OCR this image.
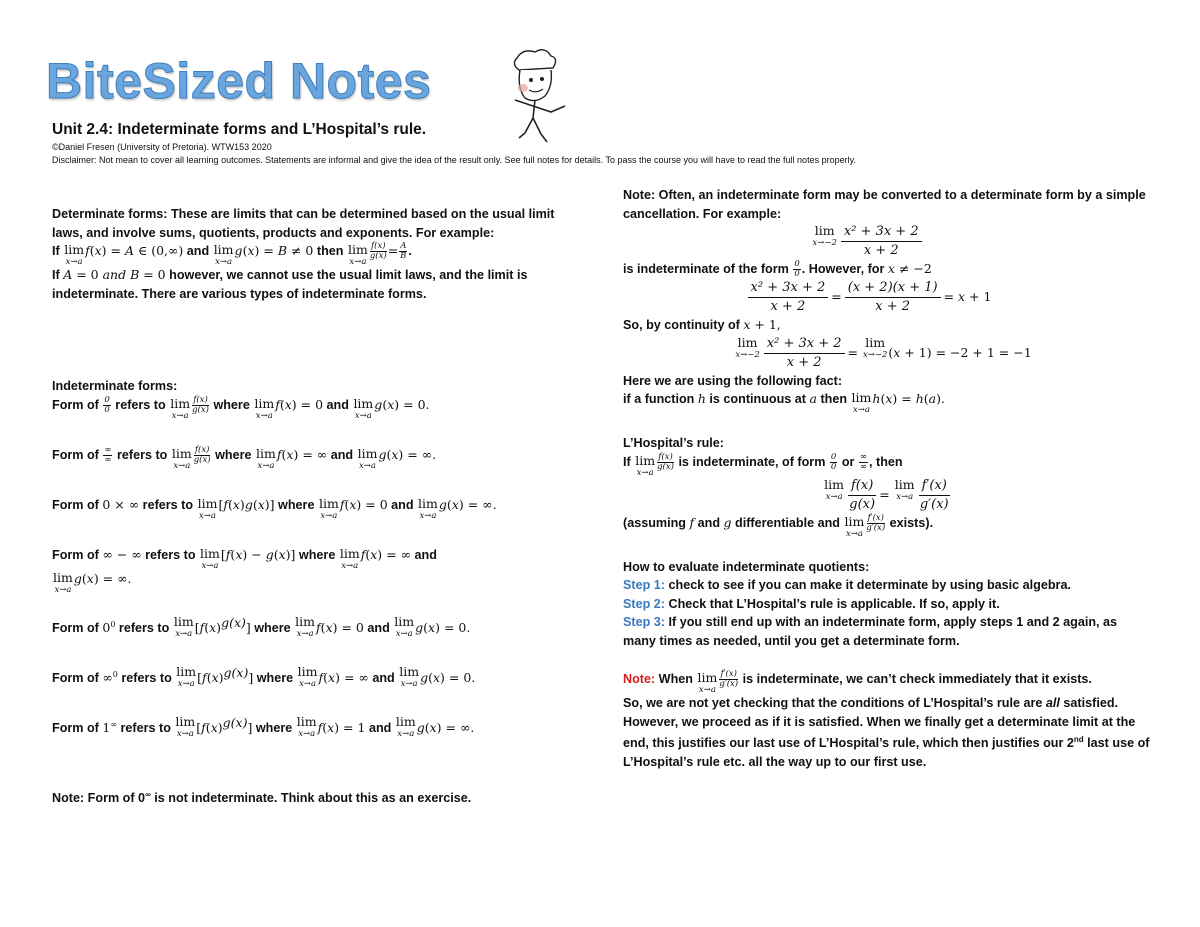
BiteSized Notes
Unit 2.4: Indeterminate forms and L’Hospital’s rule.
©Daniel Fresen (University of Pretoria). WTW153 2020
Disclaimer: Not mean to cover all learning outcomes. Statements are informal and give the idea of the result only. See full notes for details. To pass the course you will have to read the full notes properly.

Determinate forms: These are limits that can be determined based on the usual limit laws, and involve sums, quotients, products and exponents. For example:

If lim
x→a
f(x) = A ∈ (0,∞) and lim
x→a
g(x) = B ≠ 0 then lim
x→a
$\frac{f(x)}{g(x)} = \frac{A}{B}$ .

If A = 0 and B = 0 however, we cannot use the usual limit laws, and the limit is

indeterminate. There are various types of indeterminate forms.

Indeterminate forms:

Form of $\frac{0}{0}$ refers to lim
x→a
$\frac{f(x)}{g(x)}$ where lim
x→a
f(x) = 0 and lim
x→a
g(x) = 0.

Form of $\frac{\infty}{\infty}$ refers to lim
x→a
$\frac{f(x)}{g(x)}$ where lim
x→a
f(x) = ∞ and lim
x→a
g(x) = ∞.

Form of 0 × ∞ refers to lim
x→a
[f(x)g(x)] where lim
x→a
f(x) = 0 and lim
x→a
g(x) = ∞.

Form of ∞ − ∞ refers to lim
x→a
[f(x) − g(x)] where lim
x→a
f(x) = ∞ and

lim
x→a
g(x) = ∞.

Form of $0^0$ refers to lim
x→a $[f(x)^{g(x)}]$ where lim
x→a f(x) = 0 and lim
x→a g(x) = 0.

Form of ∞$^0$ refers to lim
x→a $[f(x)^{g(x)}]$ where lim
x→a f(x) = ∞ and lim
x→a g(x) = 0.

Form of 1∞ refers to lim
x→a $[f(x)^{g(x)}]$ where lim
x→a f(x) = 1 and lim
x→a g(x) = ∞.

Note: Form of 0∞ is not indeterminate. Think about this as an exercise.

Note: Often, an indeterminate form may be converted to a determinate form by a simple cancellation. For example:

lim
$x\to-2 \frac{\text{x² + 3x + 2}}{x + 2}$

is indeterminate of the form $\frac{0}{0}$ . However, for x ≠ −2

$\frac{\text{x² + 3x + 2}}{x + 2} = \frac{(x + 2)(x + 1)}{x + 2} = x + 1$

So, by continuity of x + 1,

lim
$x\to-2 \frac{\text{x² + 3x + 2}}{x + 2}$ =
lim
x→−2 (x + 1) = −2 + 1 = −1

Here we are using the following fact:

if a function h is continuous at a then lim
x→a
h(x) = h(a).

L’Hospital’s rule:

If lim
x→a
$\frac{f(x)}{g(x)}$ is indeterminate, of form $\frac{0}{0}$ or $\frac{\infty}{\infty}$ , then

lim
$x\to a \frac{f(x)}{g(x)}$ =
lim
$x\to a \frac{f'(x)}{g'(x)}$

(assuming f and g differentiable and lim
x→a
$\frac{f'(x)}{g'(x)}$ exists).

How to evaluate indeterminate quotients:

Step 1: check to see if you can make it determinate by using basic algebra.

Step 2: Check that L’Hospital’s rule is applicable. If so, apply it.

Step 3: If you still end up with an indeterminate form, apply steps 1 and 2 again, as many times as needed, until you get a determinate form.

Note: When lim
x→a
$\frac{f'(x)}{g'(x)}$ is indeterminate, we can’t check immediately that it exists.

So, we are not yet checking that the conditions of L’Hospital’s rule are all satisfied. However, we proceed as if it is satisfied. When we finally get a determinate limit at the end, this justifies our last use of L’Hospital’s rule, which then justifies our 2nd last use of L’Hospital’s rule etc. all the way up to our first use.
